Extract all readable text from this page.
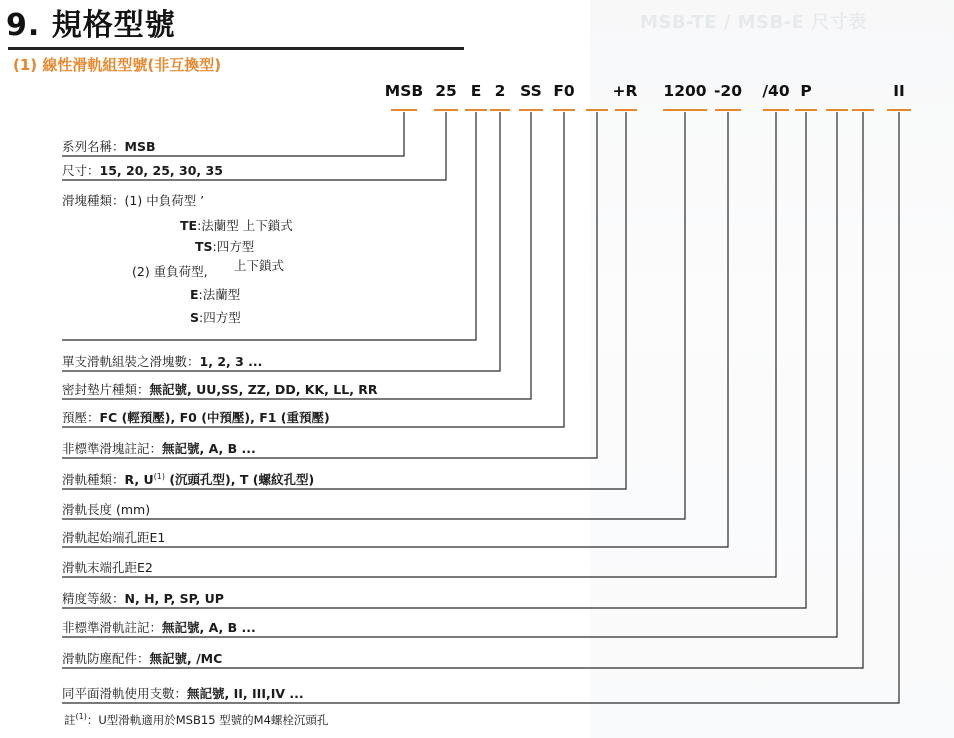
MSB-TE / MSB-E 尺寸表
9. 規格型號
(1) 線性滑軌組型號(非互換型)
MSB 25 E 2 SS F0 +R 1200 -20 /40 P	II
系列名稱：MSB
尺寸：15, 20, 25, 30, 35
滑塊種類：(1) 中負荷型 ’
TE:法蘭型 上下鎖式
TS:四方型
(2) 重負荷型, 上下鎖式
E:法蘭型
S:四方型
單支滑軌組裝之滑塊數：1, 2, 3 ...
密封墊片種類：無記號, UU,SS, ZZ, DD, KK, LL, RR
預壓：FC (輕預壓), F0 (中預壓), F1 (重預壓)
非標準滑塊註記：無記號, A, B ...
滑軌種類：R, $U^{(1)}$ (沉頭孔型), T (螺紋孔型)
滑軌長度 (mm)
滑軌起始端孔距E1
滑軌末端孔距E2
精度等級：N, H, P, SP, UP
非標準滑軌註記：無記號, A, B ...
滑軌防塵配件：無記號, /MC
同平面滑軌使用支數：無記號, II, III,IV ...
註$^{(1)}$：U型滑軌適用於MSB15 型號的M4螺栓沉頭孔
